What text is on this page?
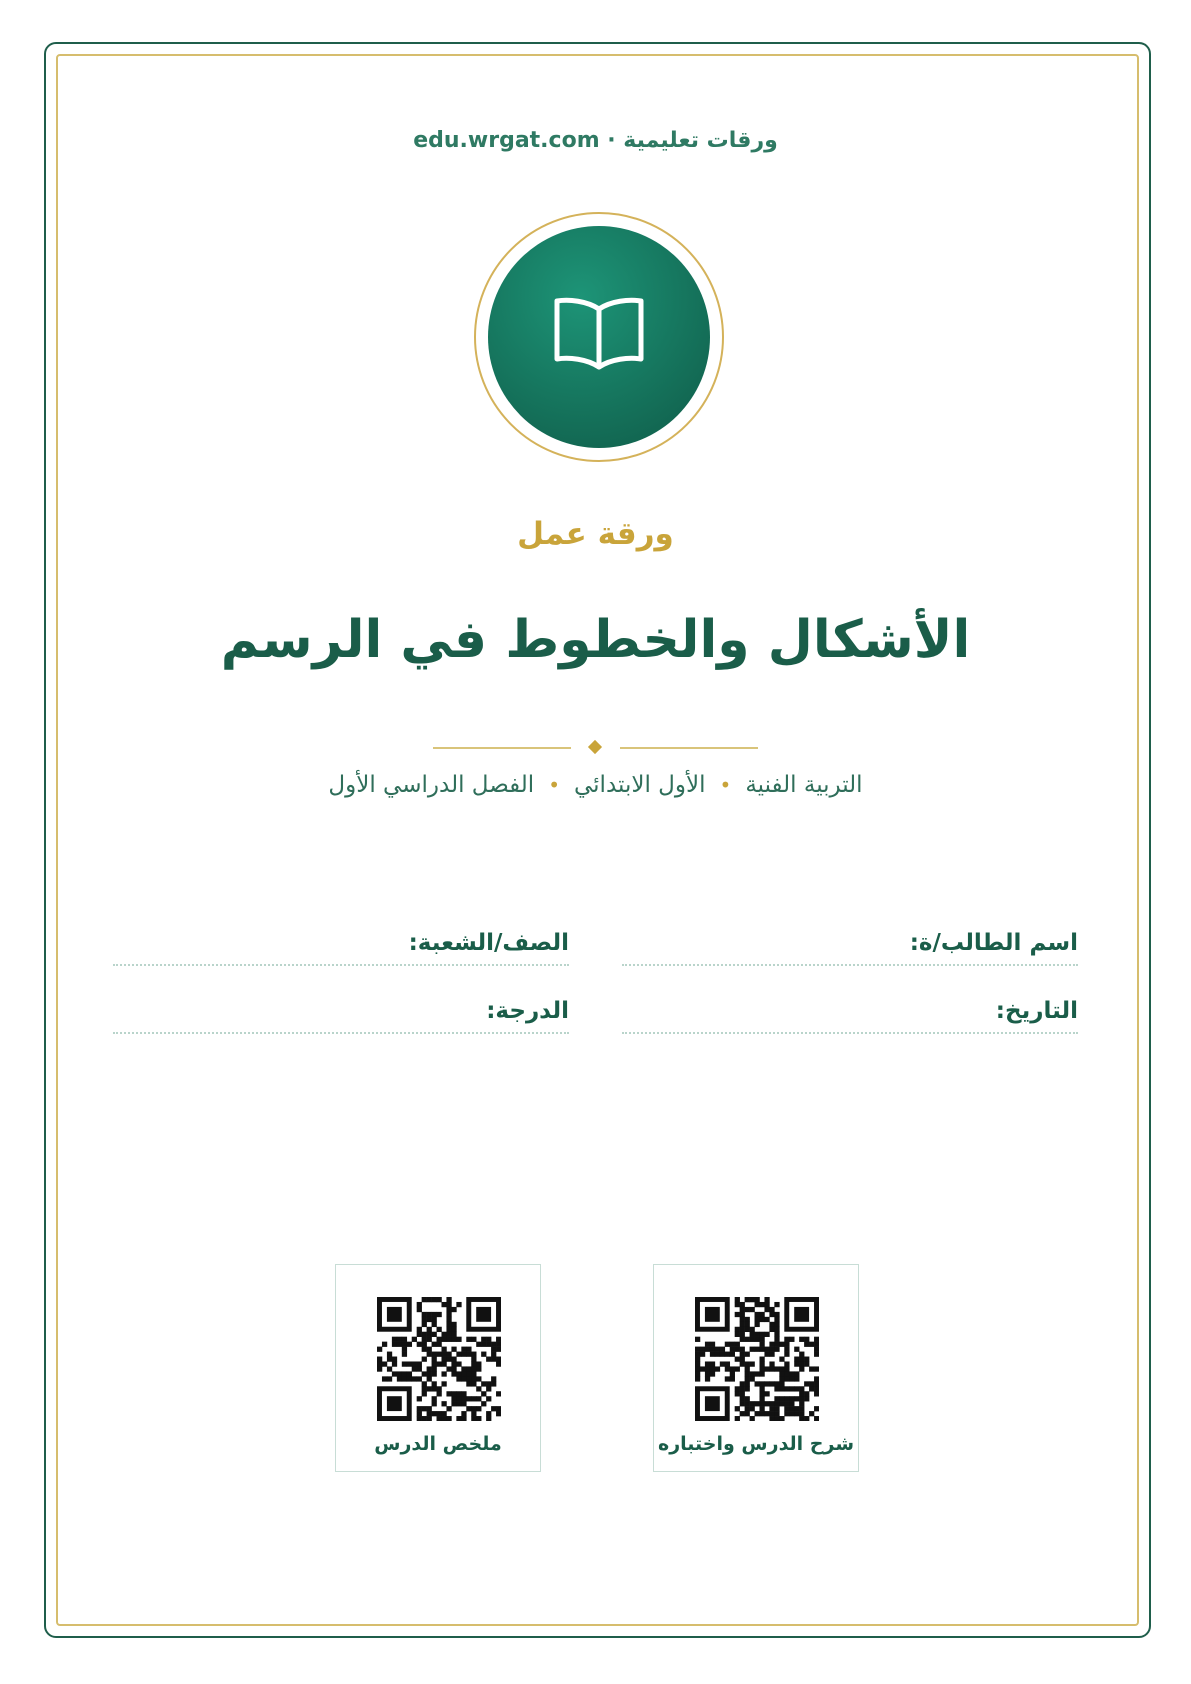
ورقات تعليمية · edu.wrgat.com
ورقة عمل
الأشكال والخطوط في الرسم
التربية الفنية•الأول الابتدائي•الفصل الدراسي الأول
اسم الطالب/ة:
الصف/الشعبة:
التاريخ:
الدرجة:
شرح الدرس واختباره
ملخص الدرس
